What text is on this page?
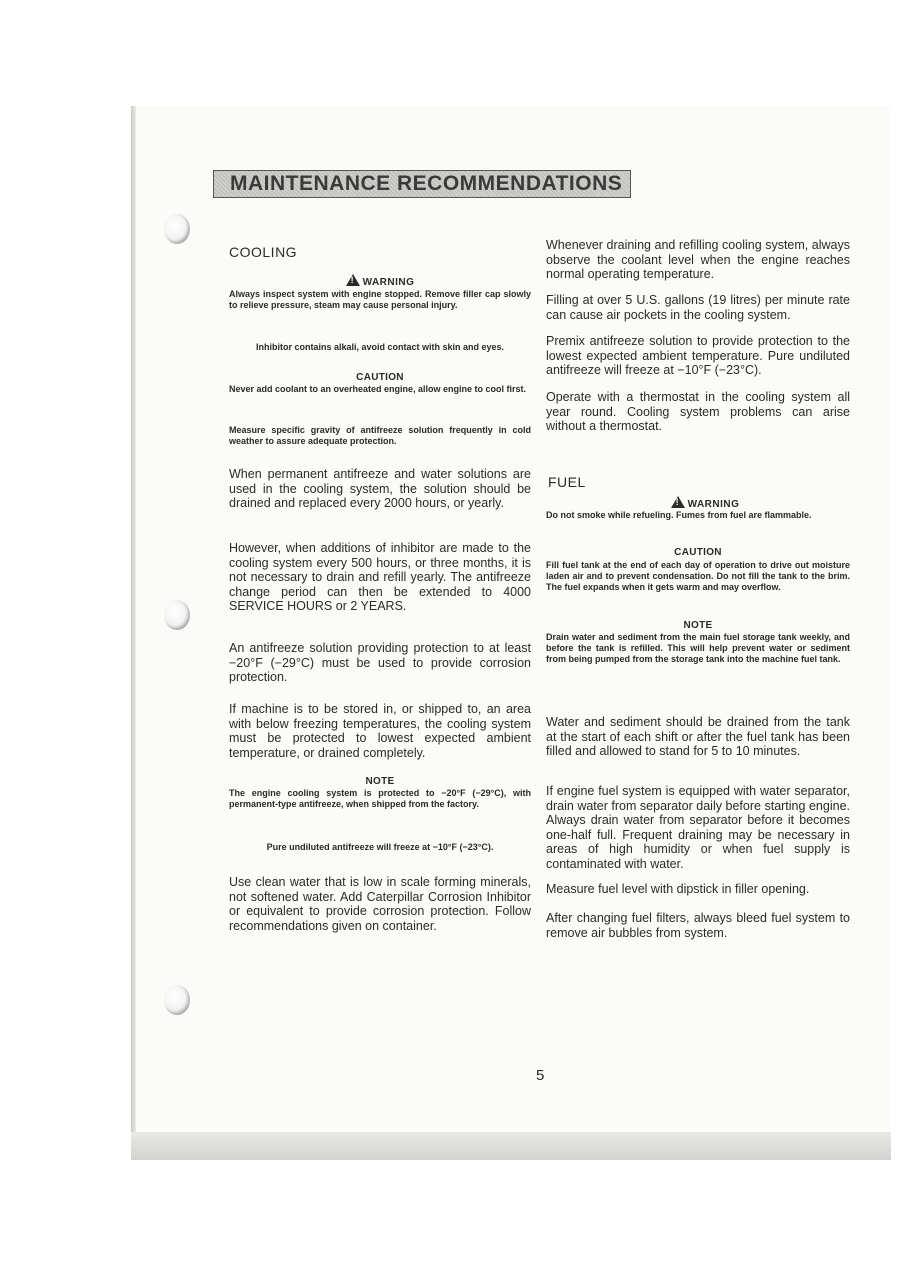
MAINTENANCE RECOMMENDATIONS
COOLING
!WARNING
Always inspect system with engine stopped. Remove filler cap slowly to relieve pressure, steam may cause personal injury.
Inhibitor contains alkali, avoid contact with skin and eyes.
CAUTION
Never add coolant to an overheated engine, allow engine to cool first.
Measure specific gravity of antifreeze solution frequently in cold weather to assure adequate protection.
When permanent antifreeze and water solutions are used in the cooling system, the solution should be drained and replaced every 2000 hours, or yearly.
However, when additions of inhibitor are made to the cooling system every 500 hours, or three months, it is not necessary to drain and refill yearly. The antifreeze change period can then be extended to 4000 SERVICE HOURS or 2 YEARS.
An antifreeze solution providing protection to at least −20°F (−29°C) must be used to provide corrosion protection.
If machine is to be stored in, or shipped to, an area with below freezing temperatures, the cooling system must be protected to lowest expected ambient temperature, or drained completely.
NOTE
The engine cooling system is protected to −20°F (−29°C), with permanent-type antifreeze, when shipped from the factory.
Pure undiluted antifreeze will freeze at −10°F (−23°C).
Use clean water that is low in scale forming minerals, not softened water. Add Caterpillar Corrosion Inhibitor or equivalent to provide corrosion protection. Follow recommendations given on container.
Whenever draining and refilling cooling system, always observe the coolant level when the engine reaches normal operating temperature.
Filling at over 5 U.S. gallons (19 litres) per minute rate can cause air pockets in the cooling system.
Premix antifreeze solution to provide protection to the lowest expected ambient temperature. Pure undiluted antifreeze will freeze at −10°F (−23°C).
Operate with a thermostat in the cooling system all year round. Cooling system problems can arise without a thermostat.
FUEL
!WARNING
Do not smoke while refueling. Fumes from fuel are flammable.
CAUTION
Fill fuel tank at the end of each day of operation to drive out moisture laden air and to prevent condensation. Do not fill the tank to the brim. The fuel expands when it gets warm and may overflow.
NOTE
Drain water and sediment from the main fuel storage tank weekly, and before the tank is refilled. This will help prevent water or sediment from being pumped from the storage tank into the machine fuel tank.
Water and sediment should be drained from the tank at the start of each shift or after the fuel tank has been filled and allowed to stand for 5 to 10 minutes.
If engine fuel system is equipped with water separator, drain water from separator daily before starting engine. Always drain water from separator before it becomes one-half full. Frequent draining may be necessary in areas of high humidity or when fuel supply is contaminated with water.
Measure fuel level with dipstick in filler opening.
After changing fuel filters, always bleed fuel system to remove air bubbles from system.
5
